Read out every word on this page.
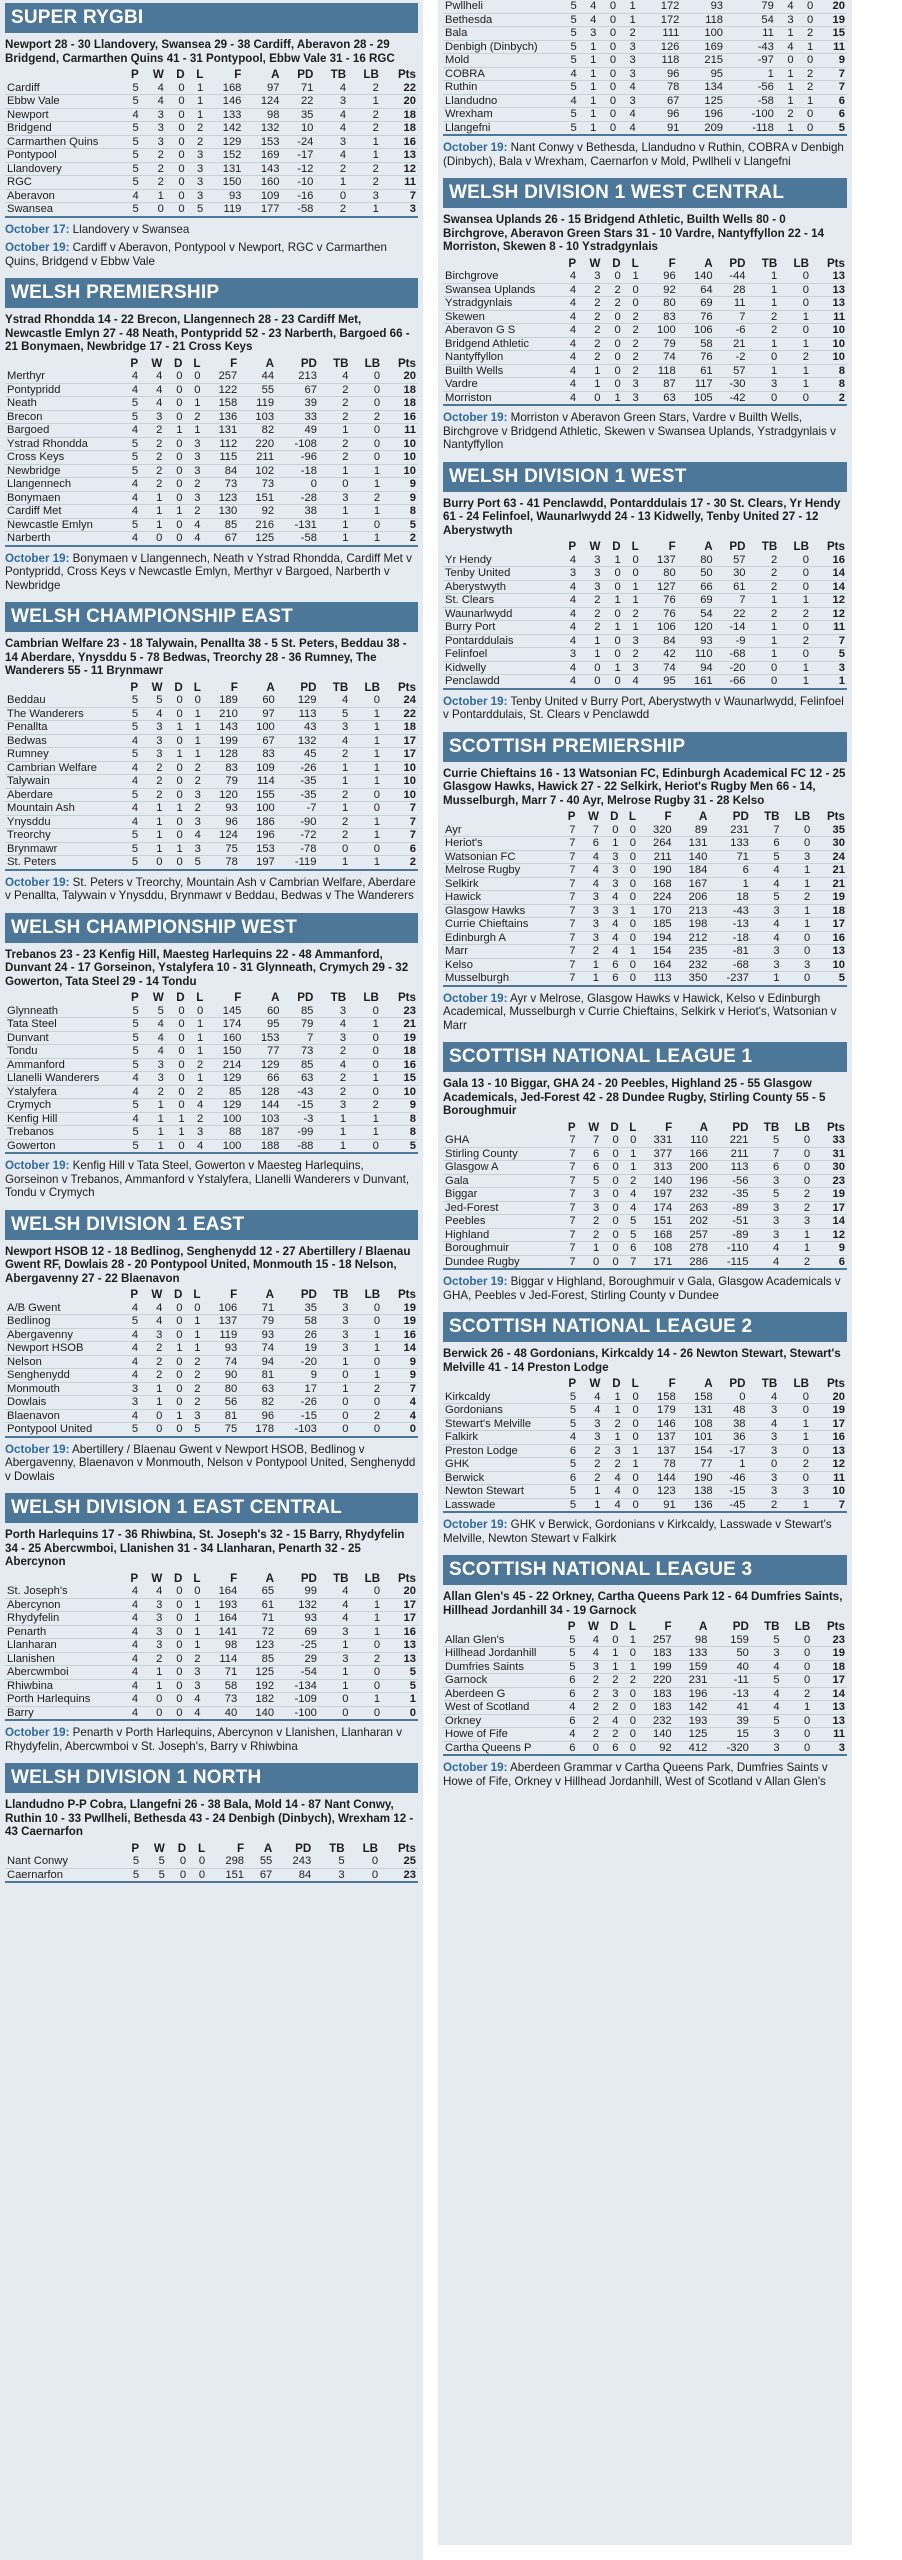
SUPER RYGBI
Newport 28 - 30 Llandovery, Swansea 29 - 38 Cardiff, Aberavon 28 - 29 Bridgend, Carmarthen Quins 41 - 31 Pontypool, Ebbw Vale 31 - 16 RGC
	P	W	D	L	F	A	PD	TB	LB	Pts
Cardiff	5	4	0	1	168	97	71	4	2	22
Ebbw Vale	5	4	0	1	146	124	22	3	1	20
Newport	4	3	0	1	133	98	35	4	2	18
Bridgend	5	3	0	2	142	132	10	4	2	18
Carmarthen Quins	5	3	0	2	129	153	-24	3	1	16
Pontypool	5	2	0	3	152	169	-17	4	1	13
Llandovery	5	2	0	3	131	143	-12	2	2	12
RGC	5	2	0	3	150	160	-10	1	2	11
Aberavon	4	1	0	3	93	109	-16	0	3	7
Swansea	5	0	0	5	119	177	-58	2	1	3
October 17: Llandovery v Swansea
October 19: Cardiff v Aberavon, Pontypool v Newport, RGC v Carmarthen Quins, Bridgend v Ebbw Vale
WELSH PREMIERSHIP
Ystrad Rhondda 14 - 22 Brecon, Llangennech 28 - 23 Cardiff Met, Newcastle Emlyn 27 - 48 Neath, Pontypridd 52 - 23 Narberth, Bargoed 66 - 21 Bonymaen, Newbridge 17 - 21 Cross Keys
	P	W	D	L	F	A	PD	TB	LB	Pts
Merthyr	4	4	0	0	257	44	213	4	0	20
Pontypridd	4	4	0	0	122	55	67	2	0	18
Neath	5	4	0	1	158	119	39	2	0	18
Brecon	5	3	0	2	136	103	33	2	2	16
Bargoed	4	2	1	1	131	82	49	1	0	11
Ystrad Rhondda	5	2	0	3	112	220	-108	2	0	10
Cross Keys	5	2	0	3	115	211	-96	2	0	10
Newbridge	5	2	0	3	84	102	-18	1	1	10
Llangennech	4	2	0	2	73	73	0	0	1	9
Bonymaen	4	1	0	3	123	151	-28	3	2	9
Cardiff Met	4	1	1	2	130	92	38	1	1	8
Newcastle Emlyn	5	1	0	4	85	216	-131	1	0	5
Narberth	4	0	0	4	67	125	-58	1	1	2
October 19: Bonymaen v Llangennech, Neath v Ystrad Rhondda, Cardiff Met v Pontypridd, Cross Keys v Newcastle Emlyn, Merthyr v Bargoed, Narberth v Newbridge
WELSH CHAMPIONSHIP EAST
Cambrian Welfare 23 - 18 Talywain, Penallta 38 - 5 St. Peters, Beddau 38 - 14 Aberdare, Ynysddu 5 - 78 Bedwas, Treorchy 28 - 36 Rumney, The Wanderers 55 - 11 Brynmawr
	P	W	D	L	F	A	PD	TB	LB	Pts
Beddau	5	5	0	0	189	60	129	4	0	24
The Wanderers	5	4	0	1	210	97	113	5	1	22
Penallta	5	3	1	1	143	100	43	3	1	18
Bedwas	4	3	0	1	199	67	132	4	1	17
Rumney	5	3	1	1	128	83	45	2	1	17
Cambrian Welfare	4	2	0	2	83	109	-26	1	1	10
Talywain	4	2	0	2	79	114	-35	1	1	10
Aberdare	5	2	0	3	120	155	-35	2	0	10
Mountain Ash	4	1	1	2	93	100	-7	1	0	7
Ynysddu	4	1	0	3	96	186	-90	2	1	7
Treorchy	5	1	0	4	124	196	-72	2	1	7
Brynmawr	5	1	1	3	75	153	-78	0	0	6
St. Peters	5	0	0	5	78	197	-119	1	1	2
October 19: St. Peters v Treorchy, Mountain Ash v Cambrian Welfare, Aberdare v Penallta, Talywain v Ynysddu, Brynmawr v Beddau, Bedwas v The Wanderers
WELSH CHAMPIONSHIP WEST
Trebanos 23 - 23 Kenfig Hill, Maesteg Harlequins 22 - 48 Ammanford, Dunvant 24 - 17 Gorseinon, Ystalyfera 10 - 31 Glynneath, Crymych 29 - 32 Gowerton, Tata Steel 29 - 14 Tondu
	P	W	D	L	F	A	PD	TB	LB	Pts
Glynneath	5	5	0	0	145	60	85	3	0	23
Tata Steel	5	4	0	1	174	95	79	4	1	21
Dunvant	5	4	0	1	160	153	7	3	0	19
Tondu	5	4	0	1	150	77	73	2	0	18
Ammanford	5	3	0	2	214	129	85	4	0	16
Llanelli Wanderers	4	3	0	1	129	66	63	2	1	15
Ystalyfera	4	2	0	2	85	128	-43	2	0	10
Crymych	5	1	0	4	129	144	-15	3	2	9
Kenfig Hill	4	1	1	2	100	103	-3	1	1	8
Trebanos	5	1	1	3	88	187	-99	1	1	8
Gowerton	5	1	0	4	100	188	-88	1	0	5
October 19: Kenfig Hill v Tata Steel, Gowerton v Maesteg Harlequins, Gorseinon v Trebanos, Ammanford v Ystalyfera, Llanelli Wanderers v Dunvant, Tondu v Crymych
WELSH DIVISION 1 EAST
Newport HSOB 12 - 18 Bedlinog, Senghenydd 12 - 27 Abertillery / Blaenau Gwent RF, Dowlais 28 - 20 Pontypool United, Monmouth 15 - 18 Nelson, Abergavenny 27 - 22 Blaenavon
	P	W	D	L	F	A	PD	TB	LB	Pts
A/B Gwent	4	4	0	0	106	71	35	3	0	19
Bedlinog	5	4	0	1	137	79	58	3	0	19
Abergavenny	4	3	0	1	119	93	26	3	1	16
Newport HSOB	4	2	1	1	93	74	19	3	1	14
Nelson	4	2	0	2	74	94	-20	1	0	9
Senghenydd	4	2	0	2	90	81	9	0	1	9
Monmouth	3	1	0	2	80	63	17	1	2	7
Dowlais	3	1	0	2	56	82	-26	0	0	4
Blaenavon	4	0	1	3	81	96	-15	0	2	4
Pontypool United	5	0	0	5	75	178	-103	0	0	0
October 19: Abertillery / Blaenau Gwent v Newport HSOB, Bedlinog v Abergavenny, Blaenavon v Monmouth, Nelson v Pontypool United, Senghenydd v Dowlais
WELSH DIVISION 1 EAST CENTRAL
Porth Harlequins 17 - 36 Rhiwbina, St. Joseph's 32 - 15 Barry, Rhydyfelin 34 - 25 Abercwmboi, Llanishen 31 - 34 Llanharan, Penarth 32 - 25 Abercynon
	P	W	D	L	F	A	PD	TB	LB	Pts
St. Joseph's	4	4	0	0	164	65	99	4	0	20
Abercynon	4	3	0	1	193	61	132	4	1	17
Rhydyfelin	4	3	0	1	164	71	93	4	1	17
Penarth	4	3	0	1	141	72	69	3	1	16
Llanharan	4	3	0	1	98	123	-25	1	0	13
Llanishen	4	2	0	2	114	85	29	3	2	13
Abercwmboi	4	1	0	3	71	125	-54	1	0	5
Rhiwbina	4	1	0	3	58	192	-134	1	0	5
Porth Harlequins	4	0	0	4	73	182	-109	0	1	1
Barry	4	0	0	4	40	140	-100	0	0	0
October 19: Penarth v Porth Harlequins, Abercynon v Llanishen, Llanharan v Rhydyfelin, Abercwmboi v St. Joseph's, Barry v Rhiwbina
WELSH DIVISION 1 NORTH
Llandudno P-P Cobra, Llangefni 26 - 38 Bala, Mold 14 - 87 Nant Conwy, Ruthin 10 - 33 Pwllheli, Bethesda 43 - 24 Denbigh (Dinbych), Wrexham 12 - 43 Caernarfon
	P	W	D	L	F	A	PD	TB	LB	Pts
Nant Conwy	5	5	0	0	298	55	243	5	0	25
Caernarfon	5	5	0	0	151	67	84	3	0	23
Pwllheli	5	4	0	1	172	93	79	4	0	20
Bethesda	5	4	0	1	172	118	54	3	0	19
Bala	5	3	0	2	111	100	11	1	2	15
Denbigh (Dinbych)	5	1	0	3	126	169	-43	4	1	11
Mold	5	1	0	3	118	215	-97	0	0	9
COBRA	4	1	0	3	96	95	1	1	2	7
Ruthin	5	1	0	4	78	134	-56	1	2	7
Llandudno	4	1	0	3	67	125	-58	1	1	6
Wrexham	5	1	0	4	96	196	-100	2	0	6
Llangefni	5	1	0	4	91	209	-118	1	0	5
October 19: Nant Conwy v Bethesda, Llandudno v Ruthin, COBRA v Denbigh (Dinbych), Bala v Wrexham, Caernarfon v Mold, Pwllheli v Llangefni
WELSH DIVISION 1 WEST CENTRAL
Swansea Uplands 26 - 15 Bridgend Athletic, Builth Wells 80 - 0 Birchgrove, Aberavon Green Stars 31 - 10 Vardre, Nantyffyllon 22 - 14 Morriston, Skewen 8 - 10 Ystradgynlais
	P	W	D	L	F	A	PD	TB	LB	Pts
Birchgrove	4	3	0	1	96	140	-44	1	0	13
Swansea Uplands	4	2	2	0	92	64	28	1	0	13
Ystradgynlais	4	2	2	0	80	69	11	1	0	13
Skewen	4	2	0	2	83	76	7	2	1	11
Aberavon G S	4	2	0	2	100	106	-6	2	0	10
Bridgend Athletic	4	2	0	2	79	58	21	1	1	10
Nantyffyllon	4	2	0	2	74	76	-2	0	2	10
Builth Wells	4	1	0	2	118	61	57	1	1	8
Vardre	4	1	0	3	87	117	-30	3	1	8
Morriston	4	0	1	3	63	105	-42	0	0	2
October 19: Morriston v Aberavon Green Stars, Vardre v Builth Wells, Birchgrove v Bridgend Athletic, Skewen v Swansea Uplands, Ystradgynlais v Nantyffyllon
WELSH DIVISION 1 WEST
Burry Port 63 - 41 Penclawdd, Pontarddulais 17 - 30 St. Clears, Yr Hendy 61 - 24 Felinfoel, Waunarlwydd 24 - 13 Kidwelly, Tenby United 27 - 12 Aberystwyth
	P	W	D	L	F	A	PD	TB	LB	Pts
Yr Hendy	4	3	1	0	137	80	57	2	0	16
Tenby United	3	3	0	0	80	50	30	2	0	14
Aberystwyth	4	3	0	1	127	66	61	2	0	14
St. Clears	4	2	1	1	76	69	7	1	1	12
Waunarlwydd	4	2	0	2	76	54	22	2	2	12
Burry Port	4	2	1	1	106	120	-14	1	0	11
Pontarddulais	4	1	0	3	84	93	-9	1	2	7
Felinfoel	3	1	0	2	42	110	-68	1	0	5
Kidwelly	4	0	1	3	74	94	-20	0	1	3
Penclawdd	4	0	0	4	95	161	-66	0	1	1
October 19: Tenby United v Burry Port, Aberystwyth v Waunarlwydd, Felinfoel v Pontarddulais, St. Clears v Penclawdd
SCOTTISH PREMIERSHIP
Currie Chieftains 16 - 13 Watsonian FC, Edinburgh Academical FC 12 - 25 Glasgow Hawks, Hawick 27 - 22 Selkirk, Heriot's Rugby Men 66 - 14, Musselburgh, Marr 7 - 40 Ayr, Melrose Rugby 31 - 28 Kelso
	P	W	D	L	F	A	PD	TB	LB	Pts
Ayr	7	7	0	0	320	89	231	7	0	35
Heriot's	7	6	1	0	264	131	133	6	0	30
Watsonian FC	7	4	3	0	211	140	71	5	3	24
Melrose Rugby	7	4	3	0	190	184	6	4	1	21
Selkirk	7	4	3	0	168	167	1	4	1	21
Hawick	7	3	4	0	224	206	18	5	2	19
Glasgow Hawks	7	3	3	1	170	213	-43	3	1	18
Currie Chieftains	7	3	4	0	185	198	-13	4	1	17
Edinburgh A	7	3	4	0	194	212	-18	4	0	16
Marr	7	2	4	1	154	235	-81	3	0	13
Kelso	7	1	6	0	164	232	-68	3	3	10
Musselburgh	7	1	6	0	113	350	-237	1	0	5
October 19: Ayr v Melrose, Glasgow Hawks v Hawick, Kelso v Edinburgh Academical, Musselburgh v Currie Chieftains, Selkirk v Heriot's, Watsonian v Marr
SCOTTISH NATIONAL LEAGUE 1
Gala 13 - 10 Biggar, GHA 24 - 20 Peebles, Highland 25 - 55 Glasgow Academicals, Jed-Forest 42 - 28 Dundee Rugby, Stirling County 55 - 5 Boroughmuir
	P	W	D	L	F	A	PD	TB	LB	Pts
GHA	7	7	0	0	331	110	221	5	0	33
Stirling County	7	6	0	1	377	166	211	7	0	31
Glasgow A	7	6	0	1	313	200	113	6	0	30
Gala	7	5	0	2	140	196	-56	3	0	23
Biggar	7	3	0	4	197	232	-35	5	2	19
Jed-Forest	7	3	0	4	174	263	-89	3	2	17
Peebles	7	2	0	5	151	202	-51	3	3	14
Highland	7	2	0	5	168	257	-89	3	1	12
Boroughmuir	7	1	0	6	108	278	-110	4	1	9
Dundee Rugby	7	0	0	7	171	286	-115	4	2	6
October 19: Biggar v Highland, Boroughmuir v Gala, Glasgow Academicals v GHA, Peebles v Jed-Forest, Stirling County v Dundee
SCOTTISH NATIONAL LEAGUE 2
Berwick 26 - 48 Gordonians, Kirkcaldy 14 - 26 Newton Stewart, Stewart's Melville 41 - 14 Preston Lodge
	P	W	D	L	F	A	PD	TB	LB	Pts
Kirkcaldy	5	4	1	0	158	158	0	4	0	20
Gordonians	5	4	1	0	179	131	48	3	0	19
Stewart's Melville	5	3	2	0	146	108	38	4	1	17
Falkirk	4	3	1	0	137	101	36	3	1	16
Preston Lodge	6	2	3	1	137	154	-17	3	0	13
GHK	5	2	2	1	78	77	1	0	2	12
Berwick	6	2	4	0	144	190	-46	3	0	11
Newton Stewart	5	1	4	0	123	138	-15	3	3	10
Lasswade	5	1	4	0	91	136	-45	2	1	7
October 19: GHK v Berwick, Gordonians v Kirkcaldy, Lasswade v Stewart's Melville, Newton Stewart v Falkirk
SCOTTISH NATIONAL LEAGUE 3
Allan Glen's 45 - 22 Orkney, Cartha Queens Park 12 - 64 Dumfries Saints, Hillhead Jordanhill 34 - 19 Garnock
	P	W	D	L	F	A	PD	TB	LB	Pts
Allan Glen's	5	4	0	1	257	98	159	5	0	23
Hillhead Jordanhill	5	4	1	0	183	133	50	3	0	19
Dumfries Saints	5	3	1	1	199	159	40	4	0	18
Garnock	6	2	2	2	220	231	-11	5	0	17
Aberdeen G	6	2	3	0	183	196	-13	4	2	14
West of Scotland	4	2	2	0	183	142	41	4	1	13
Orkney	6	2	4	0	232	193	39	5	0	13
Howe of Fife	4	2	2	0	140	125	15	3	0	11
Cartha Queens P	6	0	6	0	92	412	-320	3	0	3
October 19: Aberdeen Grammar v Cartha Queens Park, Dumfries Saints v Howe of Fife, Orkney v Hillhead Jordanhill, West of Scotland v Allan Glen's
